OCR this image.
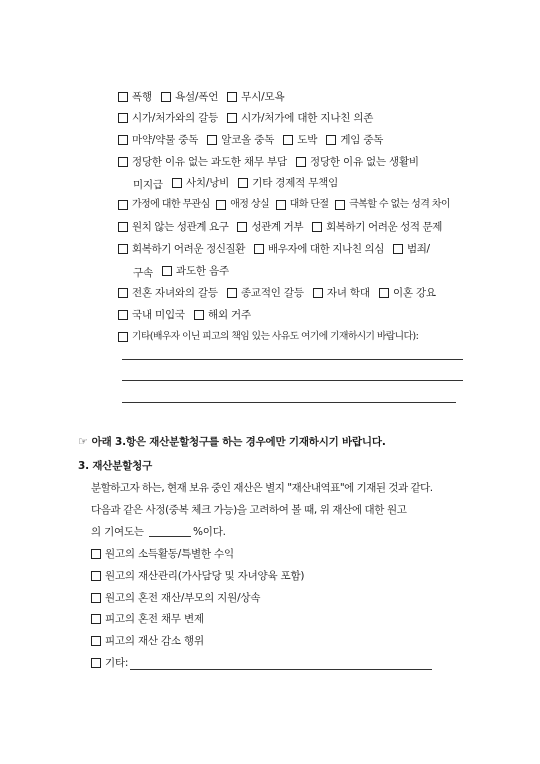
폭행
욕설/폭언
무시/모욕
시가/처가와의 갈등
시가/처가에 대한 지나친 의존
마약/약물 중독
알코올 중독
도박
게임 중독
정당한 이유 없는 과도한 채무 부담
정당한 이유 없는 생활비
미지급 사치/낭비
기타 경제적 무책임
가정에 대한 무관심
애정 상실
대화 단절
극복할 수 없는 성격 차이
원치 않는 성관계 요구
성관계 거부
회복하기 어려운 성적 문제
회복하기 어려운 정신질환
배우자에 대한 지나친 의심
범죄/
구속 과도한 음주
전혼 자녀와의 갈등
종교적인 갈등
자녀 학대
이혼 강요
국내 미입국
해외 거주
기타(배우자 이닌 피고의 책임 있는 사유도 여기에 기재하시기 바랍니다):
☞ 아래 3.항은 재산분할청구를 하는 경우에만 기재하시기 바랍니다.
3. 재산분할청구
분할하고자 하는, 현재 보유 중인 재산은 별지 "재산내역표"에 기재된 것과 같다.
다음과 같은 사정(중복 체크 가능)을 고려하여 볼 때, 위 재산에 대한 원고
의 기여도는	%이다.
원고의 소득활동/특별한 수익
원고의 재산관리(가사담당 및 자녀양육 포함)
원고의 혼전 재산/부모의 지원/상속
피고의 혼전 채무 변제
피고의 재산 감소 행위
기타:
